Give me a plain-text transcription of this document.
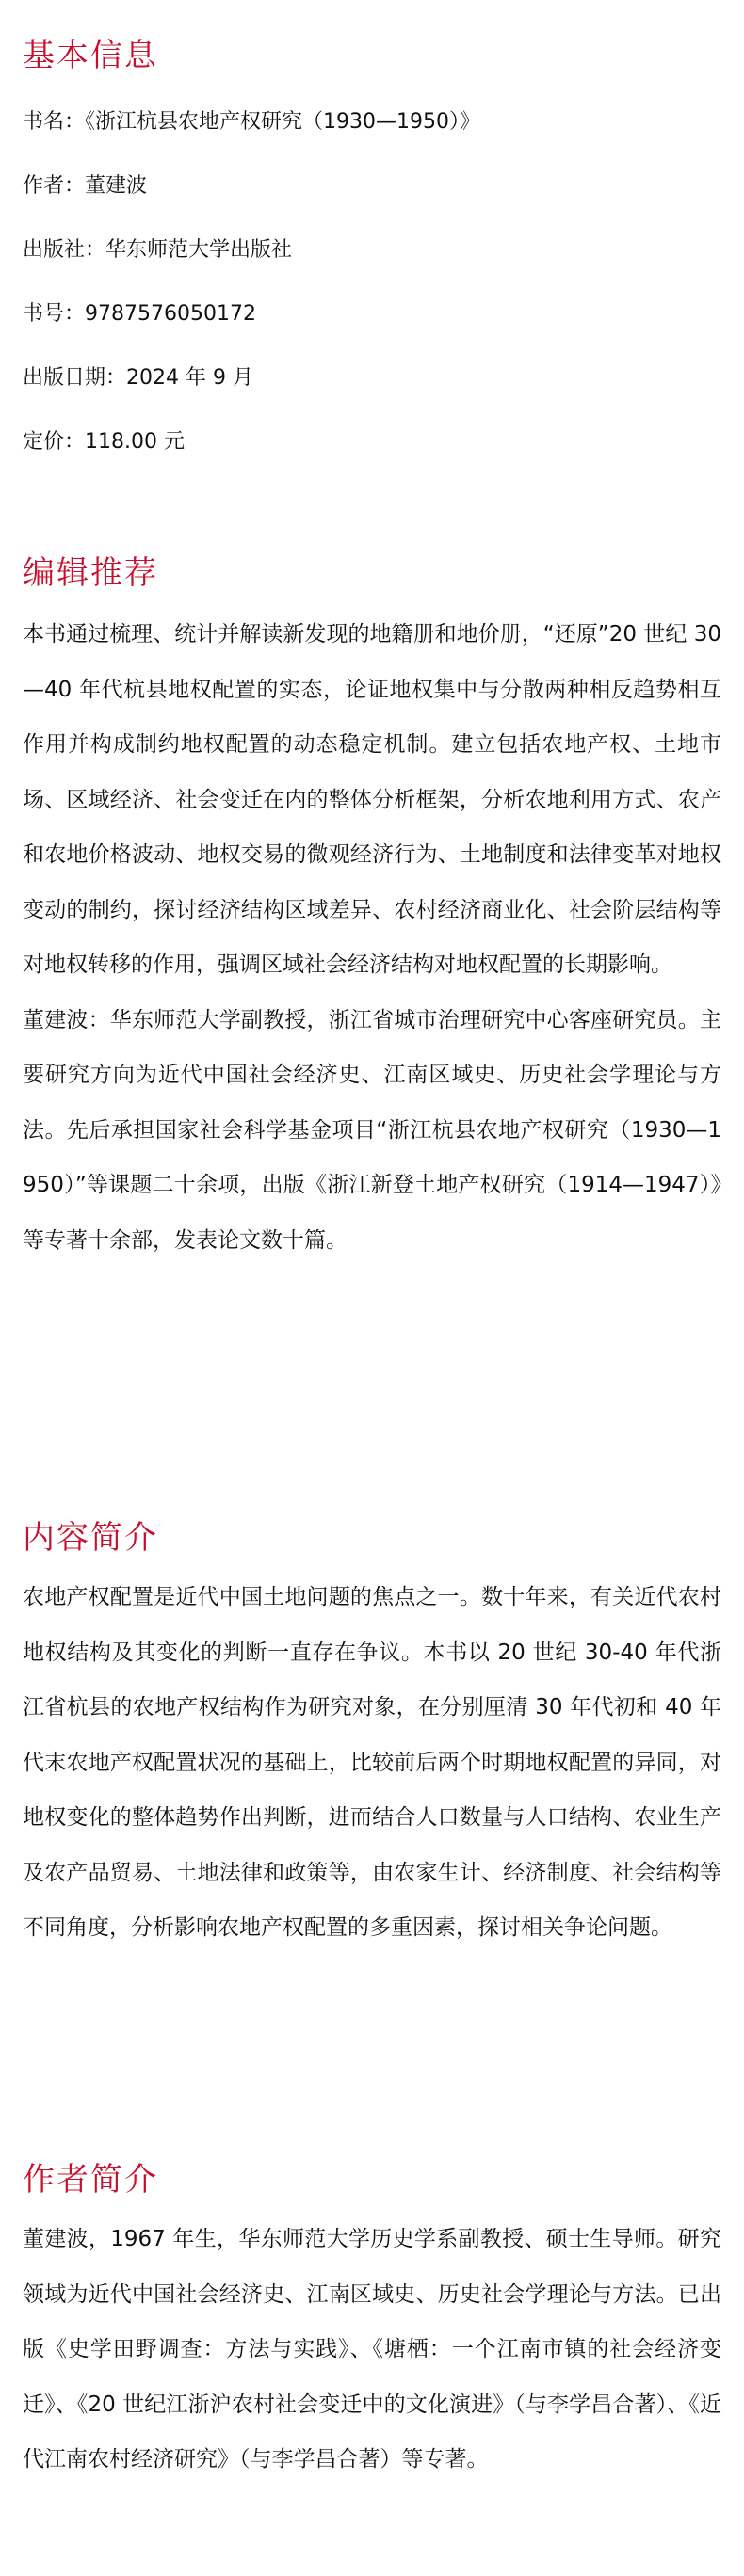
基本信息
书名：《浙江杭县农地产权研究（1930—1950）》
作者：董建波
出版社：华东师范大学出版社
书号：9787576050172
出版日期：2024 年 9 月
定价：118.00 元
编辑推荐

本书通过梳理、统计并解读新发现的地籍册和地价册，“还原”20 世纪 30—40 年代杭县地权配置的实态，论证地权集中与分散两种相反趋势相互作用并构成制约地权配置的动态稳定机制。建立包括农地产权、土地市场、区域经济、社会变迁在内的整体分析框架，分析农地利用方式、农产和农地价格波动、地权交易的微观经济行为、土地制度和法律变革对地权变动的制约，探讨经济结构区域差异、农村经济商业化、社会阶层结构等对地权转移的作用，强调区域社会经济结构对地权配置的长期影响。

董建波：华东师范大学副教授，浙江省城市治理研究中心客座研究员。主要研究方向为近代中国社会经济史、江南区域史、历史社会学理论与方法。先后承担国家社会科学基金项目“浙江杭县农地产权研究（1930—1950）”等课题二十余项，出版《浙江新登土地产权研究（1914—1947）》等专著十余部，发表论文数十篇。

内容简介

农地产权配置是近代中国土地问题的焦点之一。数十年来，有关近代农村地权结构及其变化的判断一直存在争议。本书以 20 世纪 30-40 年代浙江省杭县的农地产权结构作为研究对象，在分别厘清 30 年代初和 40 年代末农地产权配置状况的基础上，比较前后两个时期地权配置的异同，对地权变化的整体趋势作出判断，进而结合人口数量与人口结构、农业生产及农产品贸易、土地法律和政策等，由农家生计、经济制度、社会结构等不同角度，分析影响农地产权配置的多重因素，探讨相关争论问题。

作者简介

董建波，1967 年生，华东师范大学历史学系副教授、硕士生导师。研究领域为近代中国社会经济史、江南区域史、历史社会学理论与方法。已出版《史学田野调查：方法与实践》、《塘栖：一个江南市镇的社会经济变迁》、《20 世纪江浙沪农村社会变迁中的文化演进》（与李学昌合著）、《近代江南农村经济研究》（与李学昌合著）等专著。
